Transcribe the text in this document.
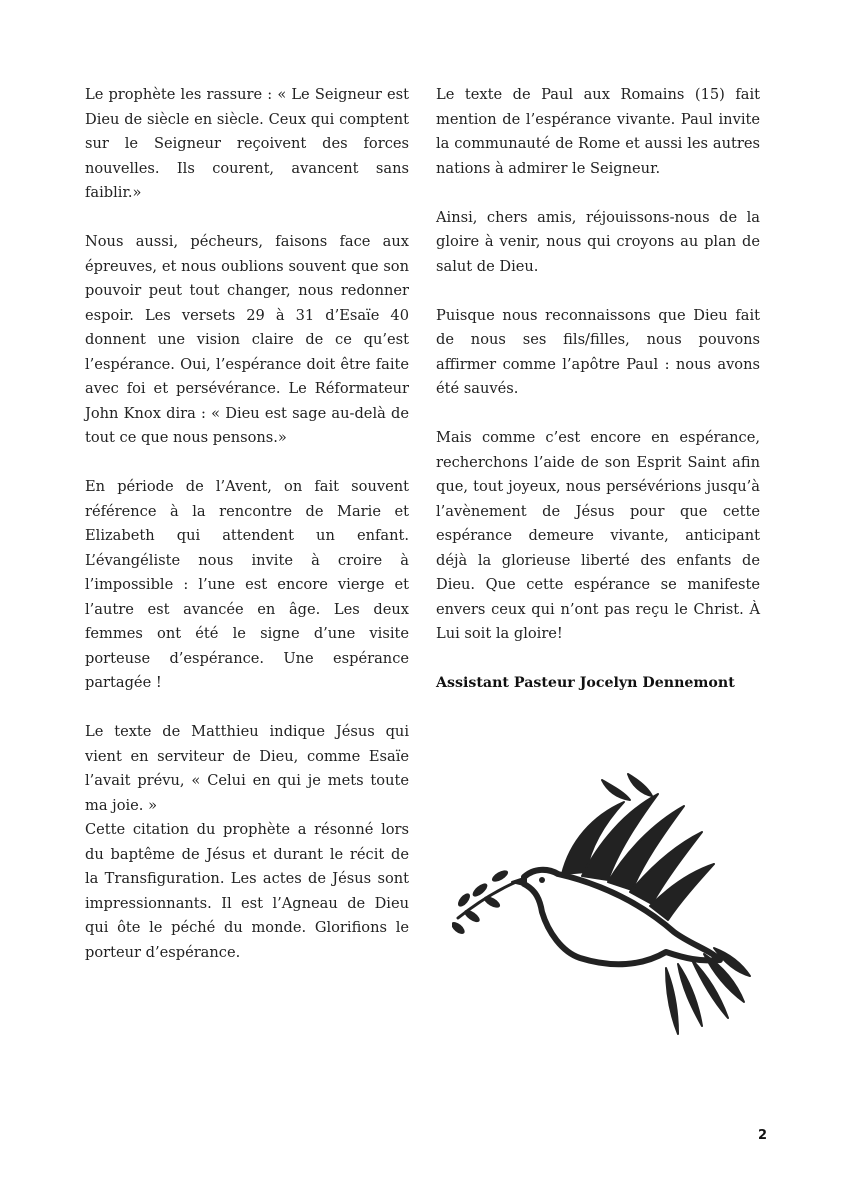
Le prophète les rassure : « Le Seigneur est Dieu de siècle en siècle. Ceux qui comptent sur le Seigneur reçoivent des forces nouvelles. Ils courent, avancent sans faiblir.»

Nous aussi, pécheurs, faisons face aux épreuves, et nous oublions souvent que son pouvoir peut tout changer, nous redonner espoir. Les versets 29 à 31 d’Esaïe 40 donnent une vision claire de ce qu’est l’espérance. Oui, l’espérance doit être faite avec foi et persévérance. Le Réformateur John Knox dira : « Dieu est sage au-delà de tout ce que nous pensons.»

En période de l’Avent, on fait souvent référence à la rencontre de Marie et Elizabeth qui attendent un enfant. L’évangéliste nous invite à croire à l’impossible : l’une est encore vierge et l’autre est avancée en âge. Les deux femmes ont été le signe d’une visite porteuse d’espérance. Une espérance partagée !

Le texte de Matthieu indique Jésus qui vient en serviteur de Dieu, comme Esaïe l’avait prévu, « Celui en qui je mets toute ma joie. »

Cette citation du prophète a résonné lors du baptême de Jésus et durant le récit de la Transfiguration. Les actes de Jésus sont impressionnants. Il est l’Agneau de Dieu qui ôte le péché du monde. Glorifions le porteur d’espérance.

Le texte de Paul aux Romains (15) fait mention de l’espérance vivante. Paul invite la communauté de Rome et aussi les autres nations à admirer le Seigneur.

Ainsi, chers amis, réjouissons-nous de la gloire à venir, nous qui croyons au plan de salut de Dieu.

Puisque nous reconnaissons que Dieu fait de nous ses fils/filles, nous pouvons affirmer comme l’apôtre Paul : nous avons été sauvés.

Mais comme c’est encore en espérance, recherchons l’aide de son Esprit Saint afin que, tout joyeux, nous persévérions jusqu’à l’avènement de Jésus pour que cette espérance demeure vivante, anticipant déjà la glorieuse liberté des enfants de Dieu. Que cette espérance se manifeste envers ceux qui n’ont pas reçu le Christ. À Lui soit la gloire!

Assistant Pasteur Jocelyn Dennemont
2
